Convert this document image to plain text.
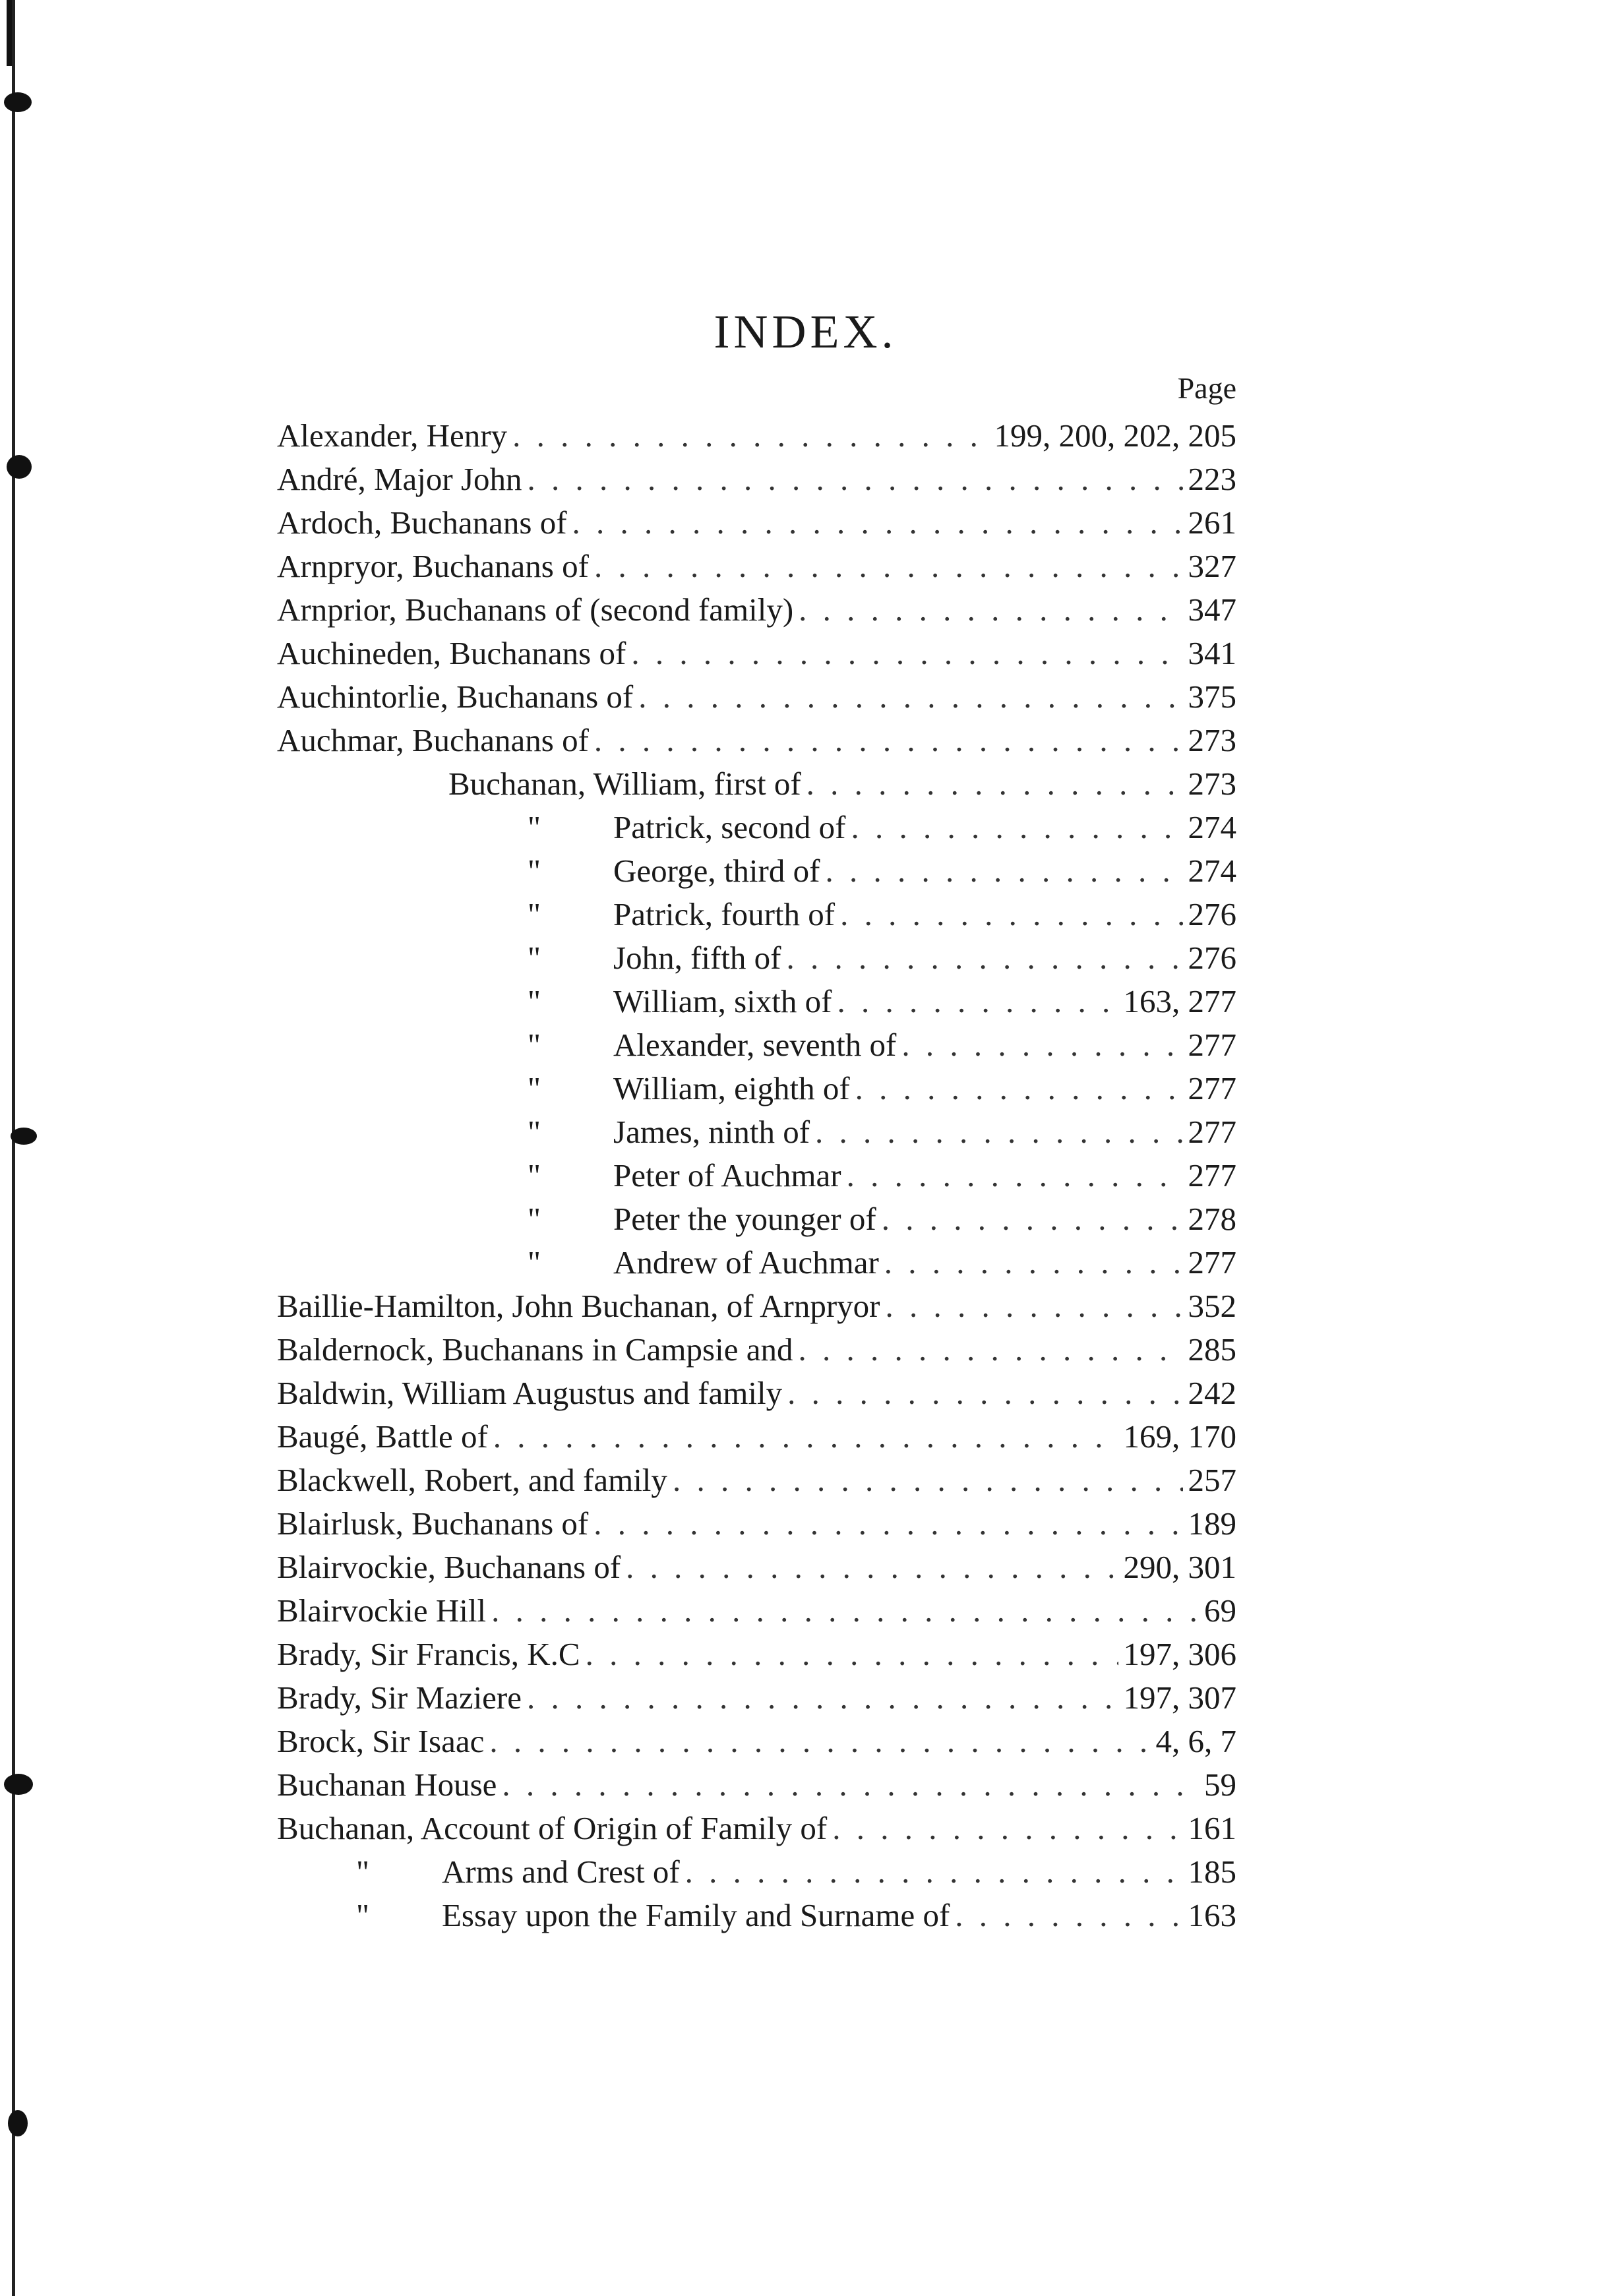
INDEX.
Page
Alexander, Henry . . .	199, 200, 202, 205
André, Major John . . .	223
Ardoch, Buchanans of . . .	261
Arnpryor, Buchanans of . . .	327
Arnprior, Buchanans of (second family) . . .	347
Auchineden, Buchanans of . . .	341
Auchintorlie, Buchanans of . . .	375
Auchmar, Buchanans of . . .	273
Buchanan, William, first of . . .	273
"	Patrick, second of . . .	274
"	George, third of . . .	274
"	Patrick, fourth of . . .	276
"	John, fifth of . . .	276
"	William, sixth of . . .	163, 277
"	Alexander, seventh of . . .	277
"	William, eighth of . . .	277
"	James, ninth of . . .	277
"	Peter of Auchmar . . .	277
"	Peter the younger of . . .	278
"	Andrew of Auchmar . . .	277
Baillie-Hamilton, John Buchanan, of Arnpryor . . .	352
Baldernock, Buchanans in Campsie and . . .	285
Baldwin, William Augustus and family . . .	242
Baugé, Battle of . . .	169, 170
Blackwell, Robert, and family . . .	257
Blairlusk, Buchanans of . . .	189
Blairvockie, Buchanans of . . .	290, 301
Blairvockie Hill . . .	69
Brady, Sir Francis, K.C . . .	197, 306
Brady, Sir Maziere . . .	197, 307
Brock, Sir Isaac . . .	4, 6, 7
Buchanan House . . .	59
Buchanan, Account of Origin of Family of . . .	161
"	Arms and Crest of . . .	185
"	Essay upon the Family and Surname of . . .	163
